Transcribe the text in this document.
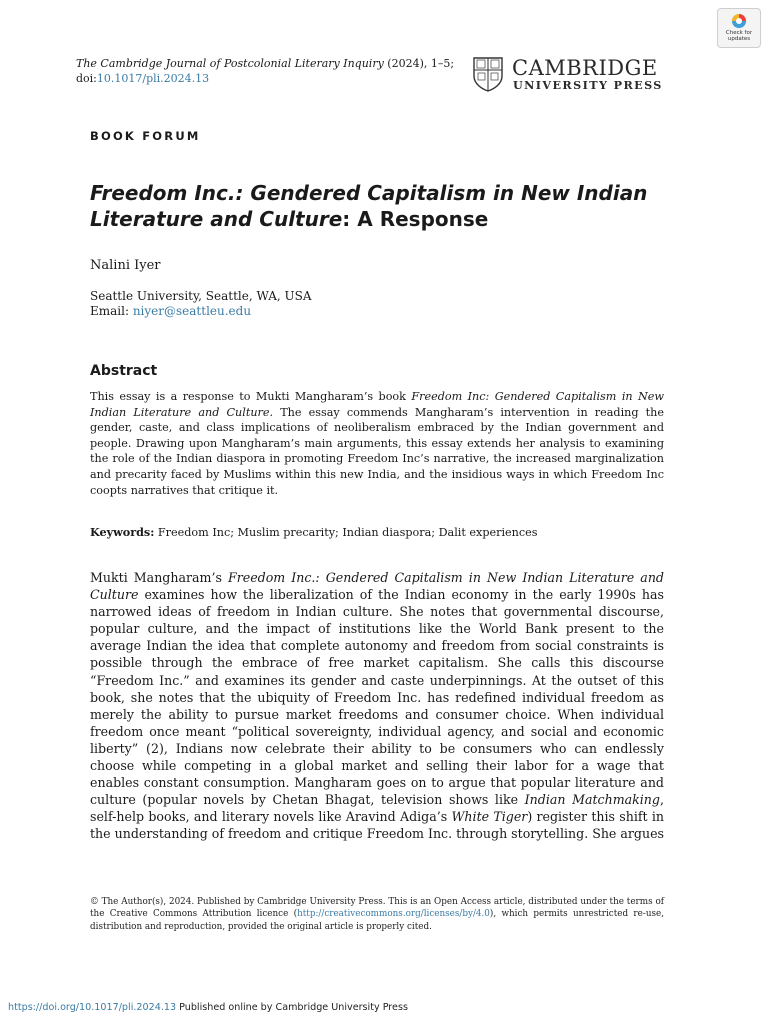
The Cambridge Journal of Postcolonial Literary Inquiry (2024), 1–5;
doi:10.1017/pli.2024.13	CAMBRIDGE
UNIVERSITY PRESS
Check for
updates
BOOK FORUM
Freedom Inc.: Gendered Capitalism in New Indian Literature and Culture: A Response
Nalini Iyer
Seattle University, Seattle, WA, USA
Email: niyer@seattleu.edu
Abstract
This essay is a response to Mukti Mangharam’s book Freedom Inc: Gendered Capitalism in New Indian Literature and Culture. The essay commends Mangharam’s intervention in reading the gender, caste, and class implications of neoliberalism embraced by the Indian government and people. Drawing upon Mangharam’s main arguments, this essay extends her analysis to examining the role of the Indian diaspora in promoting Freedom Inc’s narrative, the increased marginalization and precarity faced by Muslims within this new India, and the insidious ways in which Freedom Inc coopts narratives that critique it.
Keywords: Freedom Inc; Muslim precarity; Indian diaspora; Dalit experiences
Mukti Mangharam’s Freedom Inc.: Gendered Capitalism in New Indian Literature and Culture examines how the liberalization of the Indian economy in the early 1990s has narrowed ideas of freedom in Indian culture. She notes that governmental discourse, popular culture, and the impact of institutions like the World Bank present to the average Indian the idea that complete autonomy and freedom from social constraints is possible through the embrace of free market capitalism. She calls this discourse “Freedom Inc.” and examines its gender and caste underpinnings. At the outset of this book, she notes that the ubiquity of Freedom Inc. has redefined individual freedom as merely the ability to pursue market freedoms and consumer choice. When individual freedom once meant “political sovereignty, individual agency, and social and economic liberty” (2), Indians now celebrate their ability to be consumers who can endlessly choose while competing in a global market and selling their labor for a wage that enables constant consumption. Mangharam goes on to argue that popular literature and culture (popular novels by Chetan Bhagat, television shows like Indian Matchmaking, self-help books, and literary novels like Aravind Adiga’s White Tiger) register this shift in the understanding of freedom and critique Freedom Inc. through storytelling. She argues
© The Author(s), 2024. Published by Cambridge University Press. This is an Open Access article, distributed under the terms of the Creative Commons Attribution licence (http://creativecommons.org/licenses/by/4.0), which permits unrestricted re-use, distribution and reproduction, provided the original article is properly cited.
https://doi.org/10.1017/pli.2024.13 Published online by Cambridge University Press
